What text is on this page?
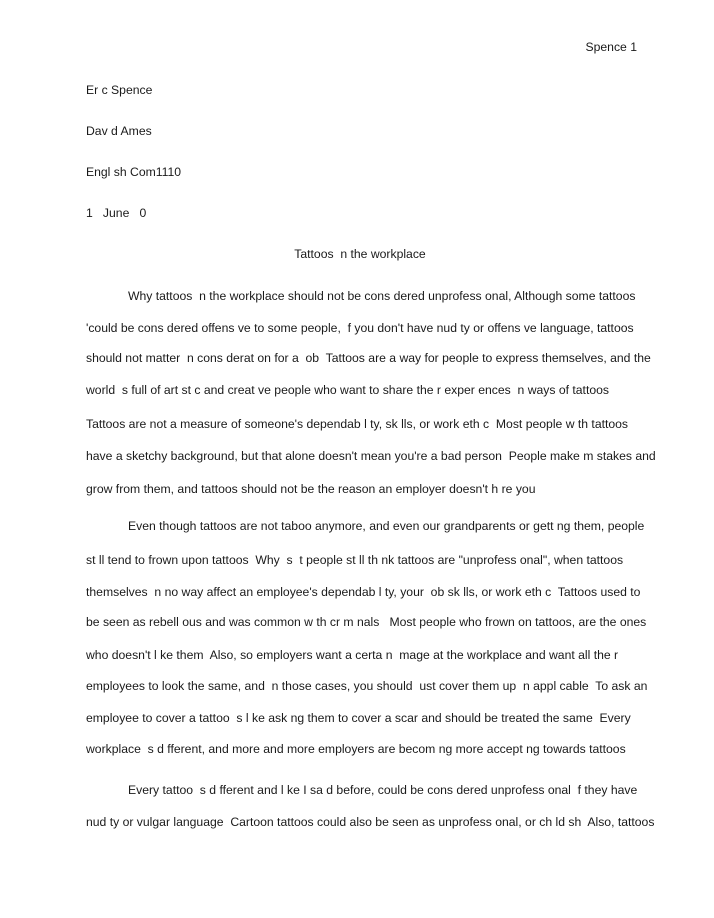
Spence 1
Er c Spence
Dav d Ames
Engl sh Com1110
1   June   0
Tattoos  n the workplace
Why tattoos  n the workplace should not be cons dered unprofess onal, Although some tattoos
'could be cons dered offens ve to some people,  f you don't have nud ty or offens ve language, tattoos
should not matter  n cons derat on for a  ob  Tattoos are a way for people to express themselves, and the
world  s full of art st c and creat ve people who want to share the r exper ences  n ways of tattoos
Tattoos are not a measure of someone's dependab l ty, sk lls, or work eth c  Most people w th tattoos
have a sketchy background, but that alone doesn't mean you're a bad person  People make m stakes and
grow from them, and tattoos should not be the reason an employer doesn't h re you
Even though tattoos are not taboo anymore, and even our grandparents or gett ng them, people
st ll tend to frown upon tattoos  Why  s  t people st ll th nk tattoos are "unprofess onal", when tattoos
themselves  n no way affect an employee's dependab l ty, your  ob sk lls, or work eth c  Tattoos used to
be seen as rebell ous and was common w th cr m nals   Most people who frown on tattoos, are the ones
who doesn't l ke them  Also, so employers want a certa n  mage at the workplace and want all the r
employees to look the same, and  n those cases, you should  ust cover them up  n appl cable  To ask an
employee to cover a tattoo  s l ke ask ng them to cover a scar and should be treated the same  Every
workplace  s d fferent, and more and more employers are becom ng more accept ng towards tattoos
Every tattoo  s d fferent and l ke I sa d before, could be cons dered unprofess onal  f they have
nud ty or vulgar language  Cartoon tattoos could also be seen as unprofess onal, or ch ld sh  Also, tattoos
